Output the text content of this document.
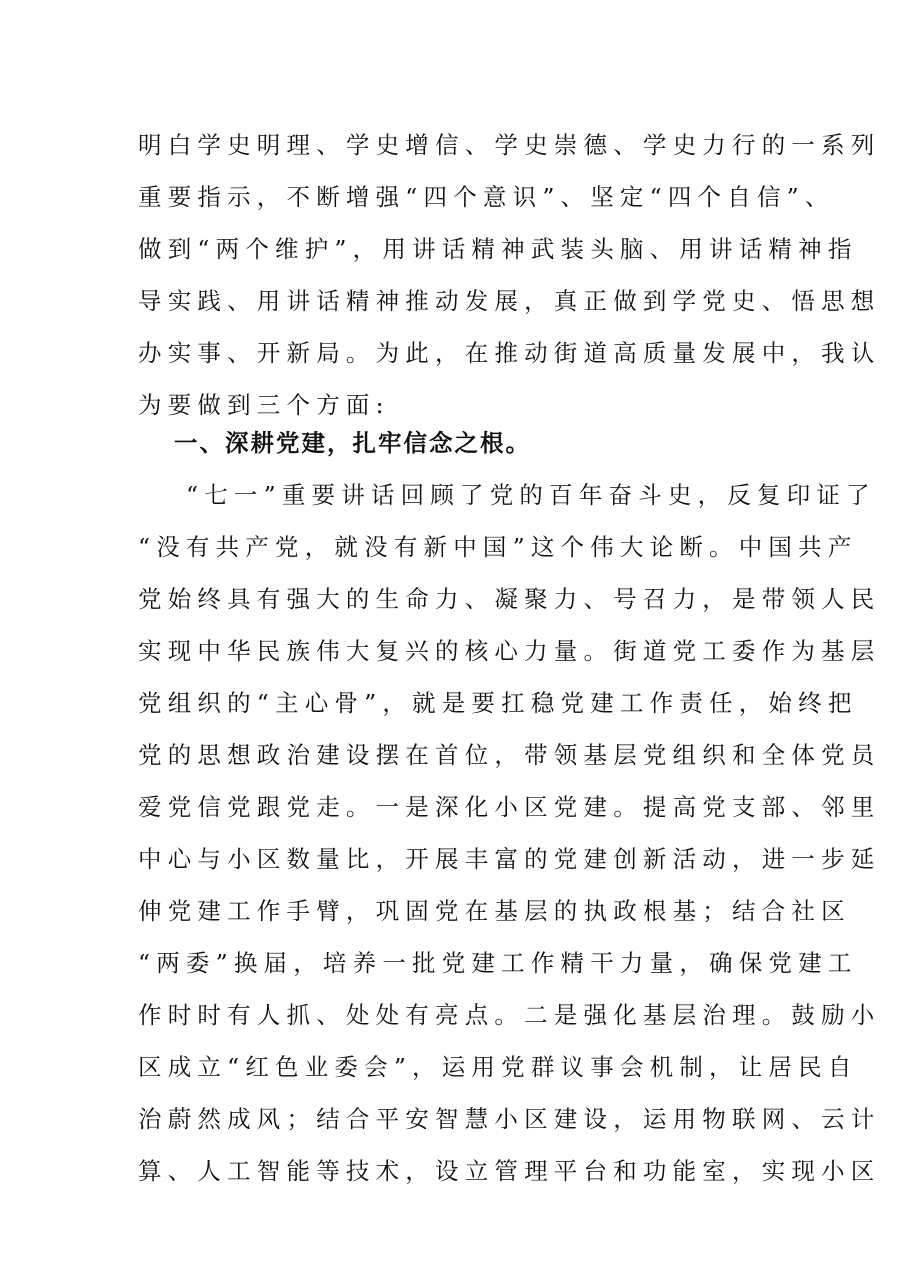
明白学史明理、学史增信、学史崇德、学史力行的一系列
重要指示，不断增强“四个意识”、坚定“四个自信”、
做到“两个维护”，用讲话精神武装头脑、用讲话精神指
导实践、用讲话精神推动发展，真正做到学党史、悟思想
办实事、开新局。为此，在推动街道高质量发展中，我认
为要做到三个方面:
一、深耕党建，扎牢信念之根。
“七一”重要讲话回顾了党的百年奋斗史，反复印证了
“没有共产党，就没有新中国”这个伟大论断。中国共产
党始终具有强大的生命力、凝聚力、号召力，是带领人民
实现中华民族伟大复兴的核心力量。街道党工委作为基层
党组织的“主心骨”，就是要扛稳党建工作责任，始终把
党的思想政治建设摆在首位，带领基层党组织和全体党员
爱党信党跟党走。一是深化小区党建。提高党支部、邻里
中心与小区数量比，开展丰富的党建创新活动，进一步延
伸党建工作手臂，巩固党在基层的执政根基；结合社区
“两委”换届，培养一批党建工作精干力量，确保党建工
作时时有人抓、处处有亮点。二是强化基层治理。鼓励小
区成立“红色业委会”，运用党群议事会机制，让居民自
治蔚然成风；结合平安智慧小区建设，运用物联网、云计
算、人工智能等技术，设立管理平台和功能室，实现小区
